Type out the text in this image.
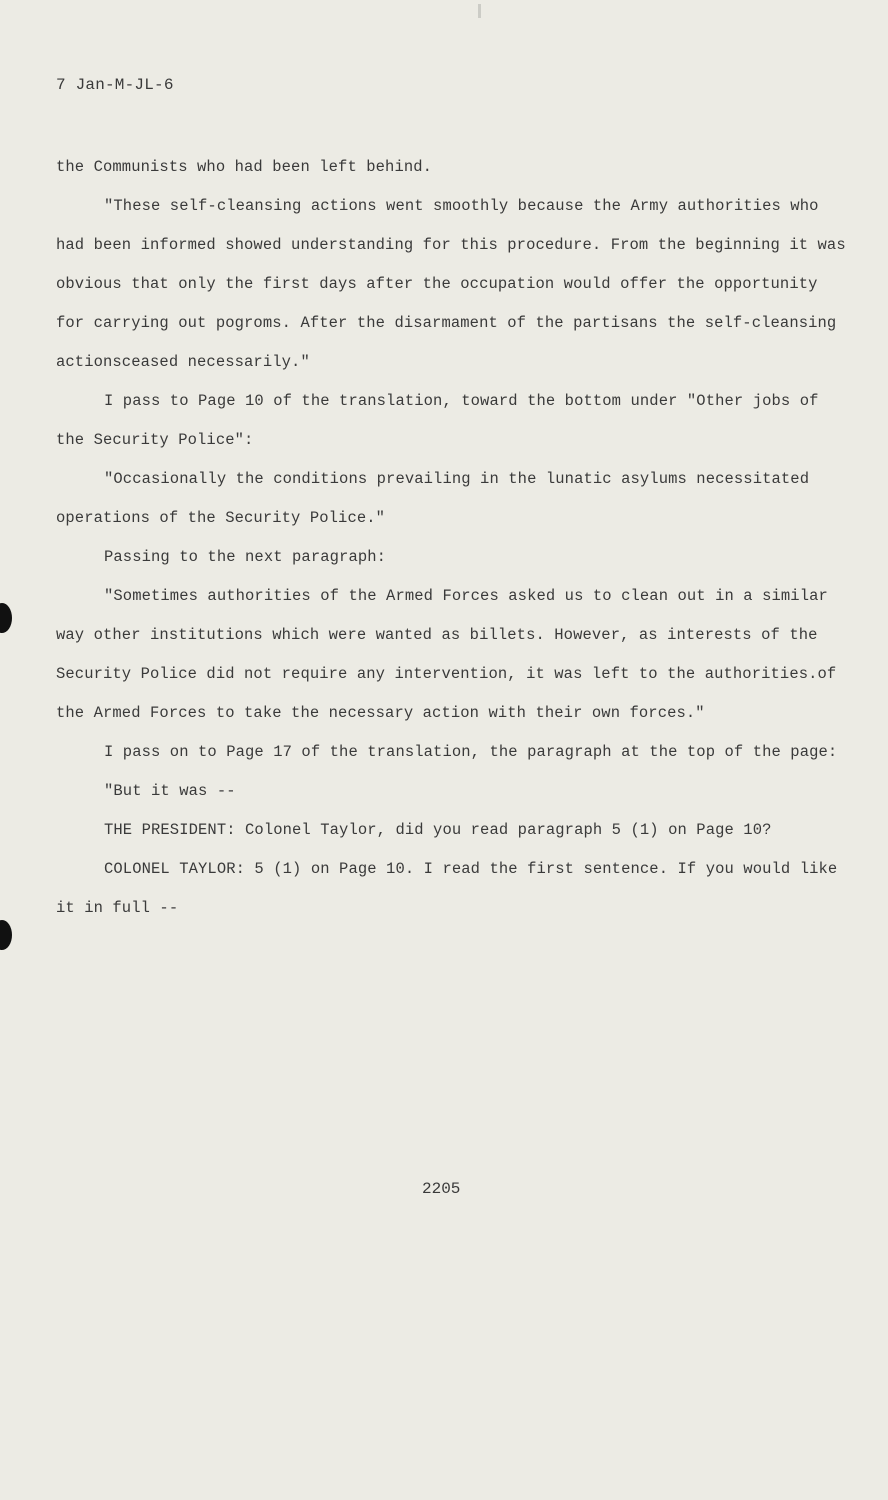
7 Jan-M-JL-6

the Communists who had been left behind.

"These self-cleansing actions went smoothly because the Army authorities who had been informed showed understanding for this procedure. From the beginning it was obvious that only the first days after the occupation would offer the opportunity for carrying out pogroms. After the disarmament of the partisans the self-cleansing actionsceased necessarily."

I pass to Page 10 of the translation, toward the bottom under "Other jobs of the Security Police":

"Occasionally the conditions prevailing in the lunatic asylums necessitated operations of the Security Police."

Passing to the next paragraph:

"Sometimes authorities of the Armed Forces asked us to clean out in a similar way other institutions which were wanted as billets. However, as interests of the Security Police did not require any intervention, it was left to the authorities.of the Armed Forces to take the necessary action with their own forces."

I pass on to Page 17 of the translation, the paragraph at the top of the page:

"But it was --

THE PRESIDENT: Colonel Taylor, did you read paragraph 5 (1) on Page 10?

COLONEL TAYLOR: 5 (1) on Page 10. I read the first sentence. If you would like it in full --

2205
